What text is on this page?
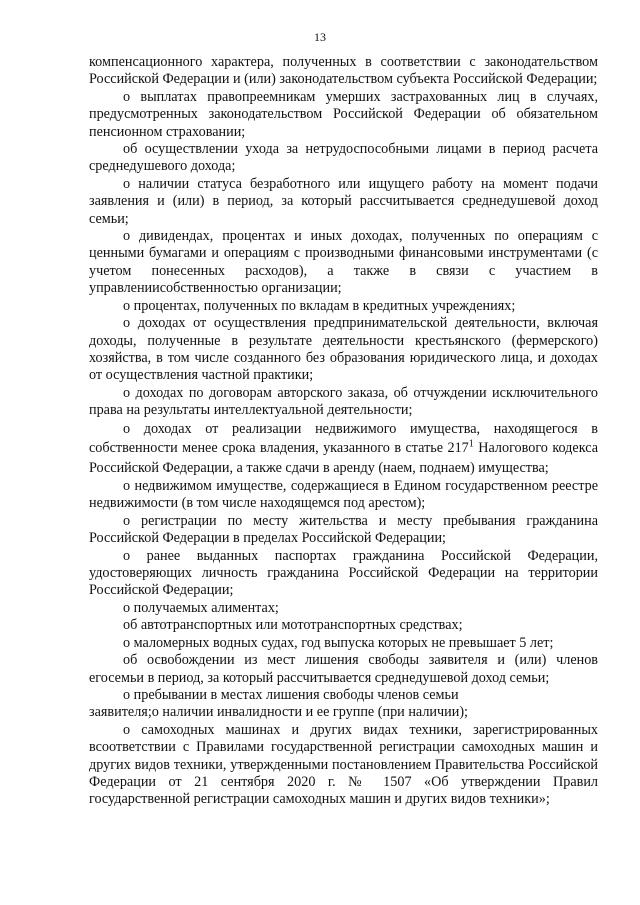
13

компенсационного характера, полученных в соответствии с законодательством Российской Федерации и (или) законодательством субъекта Российской Федерации;

о выплатах правопреемникам умерших застрахованных лиц в случаях, предусмотренных законодательством Российской Федерации об обязательном пенсионном страховании;

об осуществлении ухода за нетрудоспособными лицами в период расчета среднедушевого дохода;

о наличии статуса безработного или ищущего работу на момент подачи заявления и (или) в период, за который рассчитывается среднедушевой доход семьи;

о дивидендах, процентах и иных доходах, полученных по операциям с ценными бумагами и операциям с производными финансовыми инструментами (с учетом понесенных расходов), а также в связи с участием в управленииcобственностью организации;

о процентах, полученных по вкладам в кредитных учреждениях;

о доходах от осуществления предпринимательской деятельности, включая доходы, полученные в результате деятельности крестьянского (фермерского) хозяйства, в том числе созданного без образования юридического лица, и доходах от осуществления частной практики;

о доходах по договорам авторского заказа, об отчуждении исключительного права на результаты интеллектуальной деятельности;

о доходах от реализации недвижимого имущества, находящегося в собственности менее срока владения, указанного в статье 217$^1$ Налогового кодекса Российской Федерации, а также сдачи в аренду (наем, поднаем) имущества;

о недвижимом имуществе, содержащиеся в Едином государственном реестре недвижимости (в том числе находящемся под арестом);

о регистрации по месту жительства и месту пребывания гражданина Российской Федерации в пределах Российской Федерации;

о ранее выданных паспортах гражданина Российской Федерации, удостоверяющих личность гражданина Российской Федерации на территории Российской Федерации;

о получаемых алиментах;

об автотранспортных или мототранспортных средствах;

о маломерных водных судах, год выпуска которых не превышает 5 лет;

об освобождении из мест лишения свободы заявителя и (или) членов егосемьи в период, за который рассчитывается среднедушевой доход семьи;

о пребывании в местах лишения свободы членов семьи

заявителя;о наличии инвалидности и ее группе (при наличии);

о самоходных машинах и других видах техники, зарегистрированных всоответствии с Правилами государственной регистрации самоходных машин и других видов техники, утвержденными постановлением Правительства Российской Федерации от 21 сентября 2020 г. № 1507 «Об утверждении Правил государственной регистрации самоходных машин и других видов техники»;
